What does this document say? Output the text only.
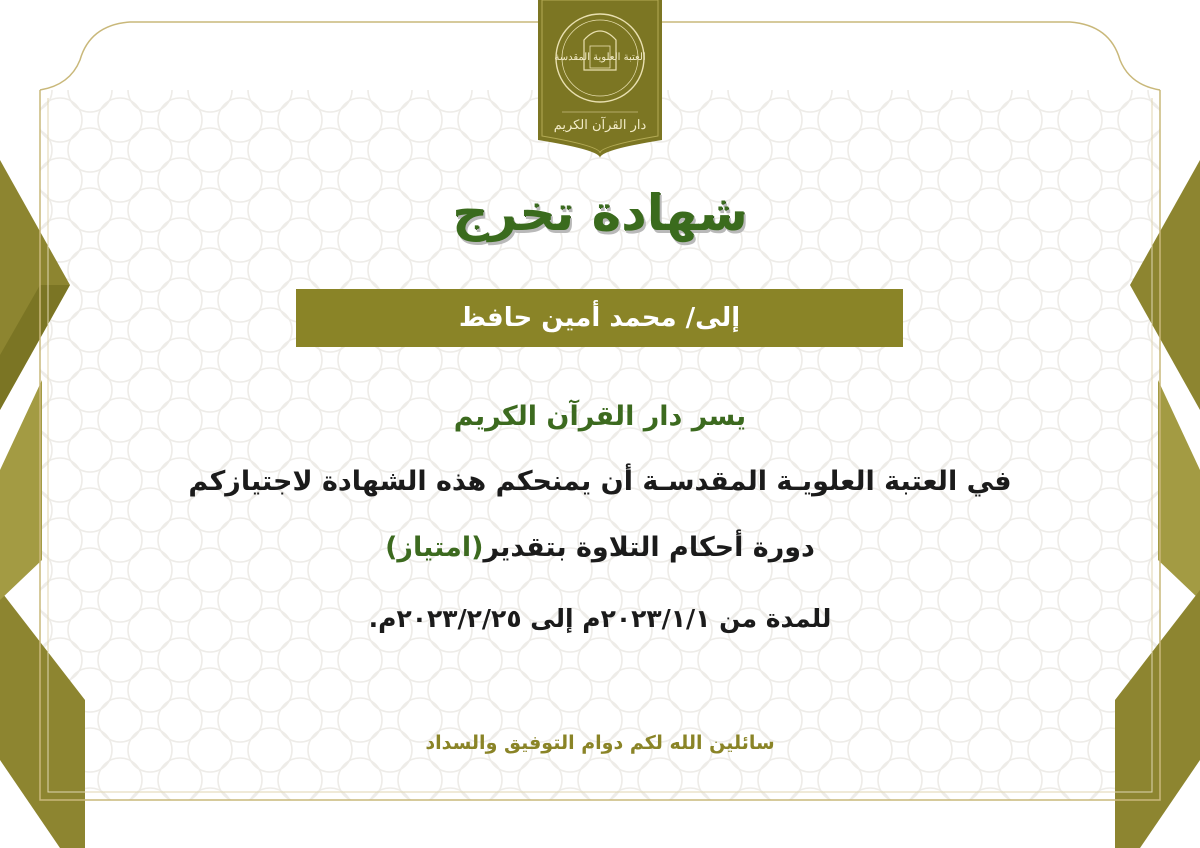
العتبة العلوية المقدسة
دار القرآن الكريم
شهادة تخرج
إلى/ محمد أمين حافظ
يسر دار القرآن الكريم
في العتبة العلويـة المقدسـة أن يمنحكم هذه الشهادة لاجتيازكم
دورة أحكام التلاوة بتقدير(امتياز)
للمدة من ٢٠٢٣/١/١م إلى ٢٠٢٣/٢/٢٥م.
سائلين الله لكم دوام التوفيق والسداد
